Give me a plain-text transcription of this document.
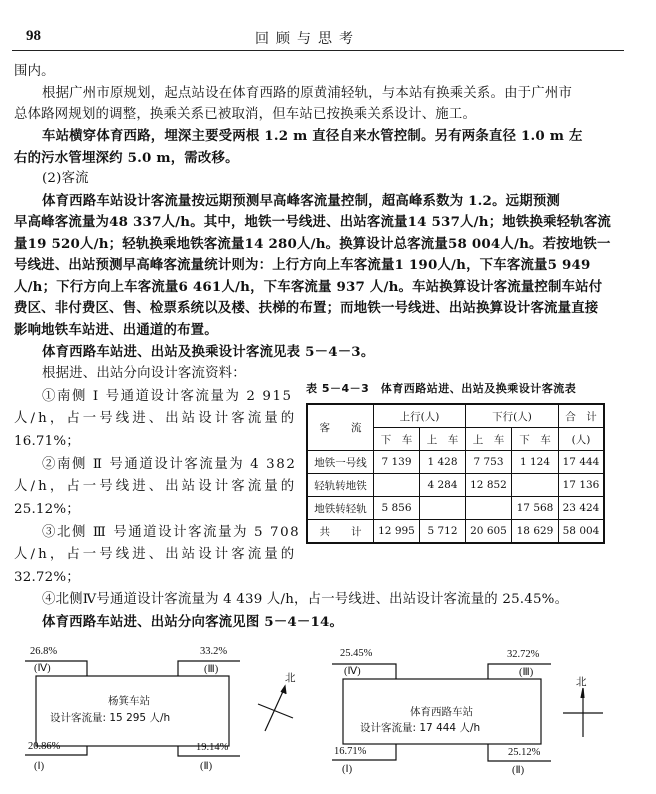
98	回顾与思考
围内。
根据广州市原规划，起点站设在体育西路的原黄浦轻轨，与本站有换乘关系。由于广州市
总体路网规划的调整，换乘关系已被取消，但车站已按换乘关系设计、施工。
车站横穿体育西路，埋深主要受两根 1.2 m 直径自来水管控制。另有两条直径 1.0 m 左
右的污水管埋深约 5.0 m，需改移。
(2)客流
体育西路车站设计客流量按远期预测早高峰客流量控制，超高峰系数为 1.2。远期预测
早高峰客流量为48 337人/h。其中，地铁一号线进、出站客流量14 537人/h；地铁换乘轻轨客流
量19 520人/h；轻轨换乘地铁客流量14 280人/h。换算设计总客流量58 004人/h。若按地铁一
号线进、出站预测早高峰客流量统计则为：上行方向上车客流量1 190人/h，下车客流量5 949
人/h；下行方向上车客流量6 461人/h，下车客流量 937 人/h。车站换算设计客流量控制车站付
费区、非付费区、售、检票系统以及楼、扶梯的布置；而地铁一号线进、出站换算设计客流量直接
影响地铁车站进、出通道的布置。
体育西路车站进、出站及换乘设计客流见表 5－4－3。
根据进、出站分向设计客流资料：
①南侧 Ⅰ 号通道设计客流量为 2 915
人/h，占一号线进、出站设计客流量的
16.71%；
②南侧 Ⅱ 号通道设计客流量为 4 382
人/h，占一号线进、出站设计客流量的
25.12%；
③北侧 Ⅲ 号通道设计客流量为 5 708
人/h，占一号线进、出站设计客流量的
32.72%；
④北侧Ⅳ号通道设计客流量为 4 439 人/h，占一号线进、出站设计客流量的 25.45%。
体育西路车站进、出站分向客流见图 5－4－14。
表 5－4－3　体育西路站进、出站及换乘设计客流表
客　　流	上行(人)		下行(人)		合　计
	下　车	上　车	上　车	下　车	(人)
地铁一号线	7 139	1 428	7 753	1 124	17 444
轻轨转地铁		4 284	12 852		17 136
地铁转轻轨	5 856			17 568	23 424
共　　计	12 995	5 712	20 605	18 629	58 004
26.8%
(Ⅳ)
33.2%
(Ⅲ)
20.86%
(Ⅰ)
19.14%
(Ⅱ)
杨箕车站
设计客流量: 15 295 人/h
北
25.45%
(Ⅳ)
32.72%
(Ⅲ)
16.71%
(Ⅰ)
25.12%
(Ⅱ)
体育西路车站
设计客流量: 17 444 人/h
北
